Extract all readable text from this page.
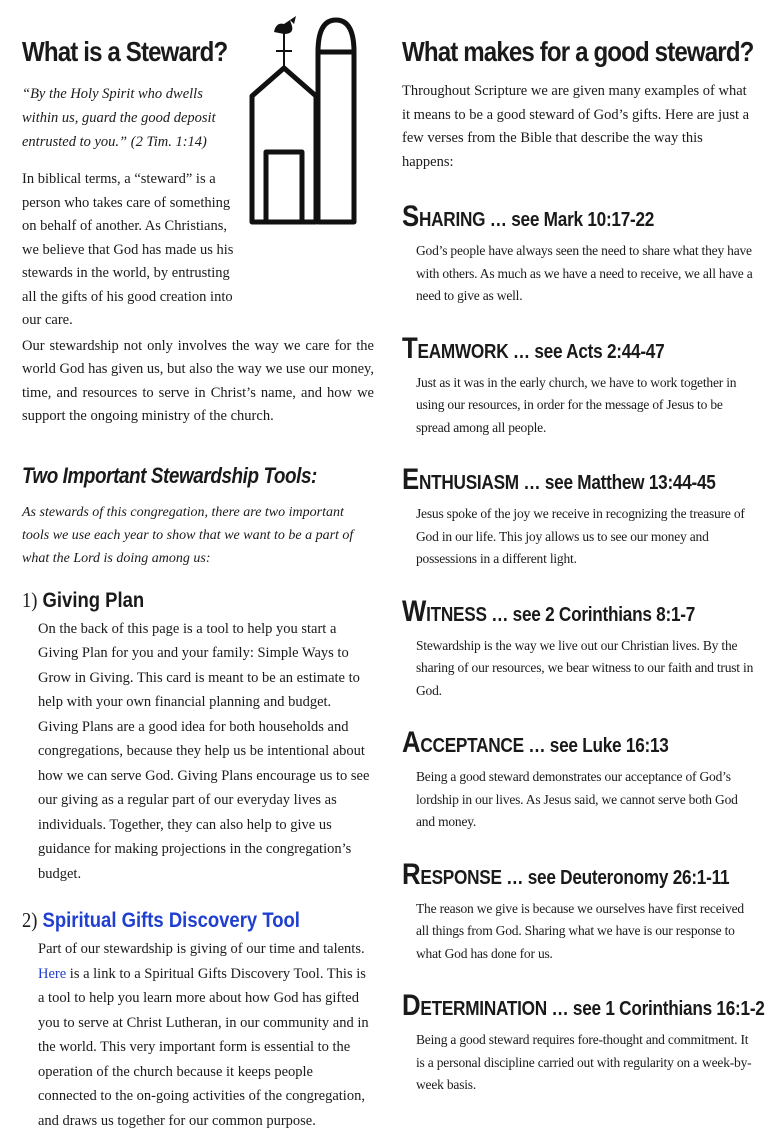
What is a Steward?
“By the Holy Spirit who dwells within us, guard the good deposit entrusted to you.” (2 Tim. 1:14)
In biblical terms, a “steward” is a person who takes care of something on behalf of another. As Christians, we believe that God has made us his stewards in the world, by entrusting all the gifts of his good creation into our care.
Our stewardship not only involves the way we care for the world God has given us, but also the way we use our money, time, and resources to serve in Christ’s name, and how we support the ongoing ministry of the church.
Two Important Stewardship Tools:
As stewards of this congregation, there are two important tools we use each year to show that we want to be a part of what the Lord is doing among us:
1) Giving Plan
On the back of this page is a tool to help you start a Giving Plan for you and your family: Simple Ways to Grow in Giving. This card is meant to be an estimate to help with your own financial planning and budget. Giving Plans are a good idea for both households and congregations, because they help us be intentional about how we can serve God. Giving Plans encourage us to see our giving as a regular part of our everyday lives as individuals. Together, they can also help to give us guidance for making projections in the congregation’s budget.
2) Spiritual Gifts Discovery Tool
Part of our stewardship is giving of our time and talents. Here is a link to a Spiritual Gifts Discovery Tool. This is a tool to help you learn more about how God has gifted you to serve at Christ Lutheran, in our community and in the world. This very important form is essential to the operation of the church because it keeps people connected to the on-going activities of the congregation, and draws us together for our common purpose.
What makes for a good steward?
Throughout Scripture we are given many examples of what it means to be a good steward of God’s gifts. Here are just a few verses from the Bible that describe the way this happens:
SHARING … see Mark 10:17-22
God’s people have always seen the need to share what they have with others. As much as we have a need to receive, we all have a need to give as well.
TEAMWORK … see Acts 2:44-47
Just as it was in the early church, we have to work together in using our resources, in order for the message of Jesus to be spread among all people.
ENTHUSIASM … see Matthew 13:44-45
Jesus spoke of the joy we receive in recognizing the treasure of God in our life. This joy allows us to see our money and possessions in a different light.
WITNESS … see 2 Corinthians 8:1-7
Stewardship is the way we live out our Christian lives. By the sharing of our resources, we bear witness to our faith and trust in God.
ACCEPTANCE … see Luke 16:13
Being a good steward demonstrates our acceptance of God’s lordship in our lives. As Jesus said, we cannot serve both God and money.
RESPONSE … see Deuteronomy 26:1-11
The reason we give is because we ourselves have first received all things from God. Sharing what we have is our response to what God has done for us.
DETERMINATION … see 1 Corinthians 16:1-2
Being a good steward requires fore-thought and commitment. It is a personal discipline carried out with regularity on a week-by-week basis.
